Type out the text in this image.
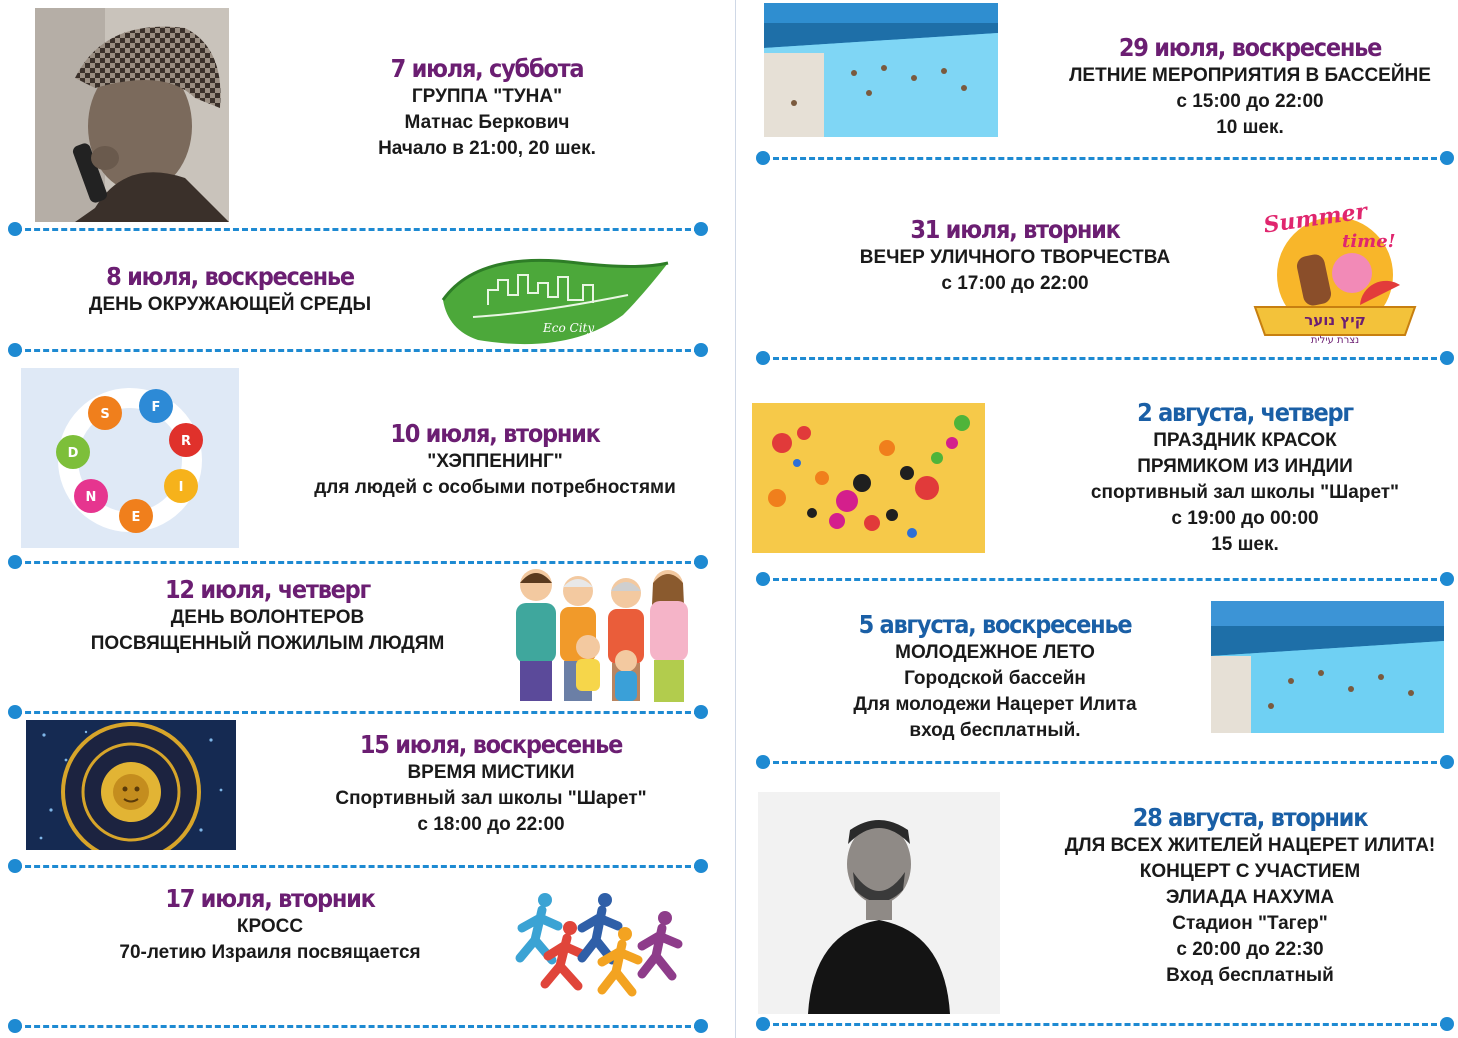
7 июля, суббота
ГРУППА "ТУНА"
Матнас Беркович
Начало в 21:00, 20 шек.
8 июля, воскресенье
ДЕНЬ ОКРУЖАЮЩЕЙ СРЕДЫ
Eco City
F
R
I
E
N
D
S
10 июля, вторник
"ХЭППЕНИНГ"
для людей с особыми потребностями
12 июля, четверг
ДЕНЬ ВОЛОНТЕРОВ
ПОСВЯЩЕННЫЙ ПОЖИЛЫМ ЛЮДЯМ
15 июля, воскресенье
ВРЕМЯ МИСТИКИ
Спортивный зал школы "Шарет"
с 18:00 до 22:00
17 июля, вторник
КРОСС
70-летию Израиля посвящается
29 июля, воскресенье
ЛЕТНИЕ МЕРОПРИЯТИЯ В БАССЕЙНЕ
с 15:00 до 22:00
10 шек.
31 июля, вторник
ВЕЧЕР УЛИЧНОГО ТВОРЧЕСТВА
с 17:00 до 22:00
Summer
time!
קיץ נוער
נצרת עילית
2 августа, четверг
ПРАЗДНИК КРАСОК
ПРЯМИКОМ ИЗ ИНДИИ
спортивный зал школы "Шарет"
с 19:00 до 00:00
15 шек.
5 августа, воскресенье
МОЛОДЕЖНОЕ ЛЕТО
Городской бассейн
Для молодежи Нацерет Илита
вход бесплатный.
28 августа, вторник
ДЛЯ ВСЕХ ЖИТЕЛЕЙ НАЦЕРЕТ ИЛИТА!
КОНЦЕРТ С УЧАСТИЕМ
ЭЛИАДА НАХУМА
Стадион "Тагер"
с 20:00 до 22:30
Вход бесплатный
